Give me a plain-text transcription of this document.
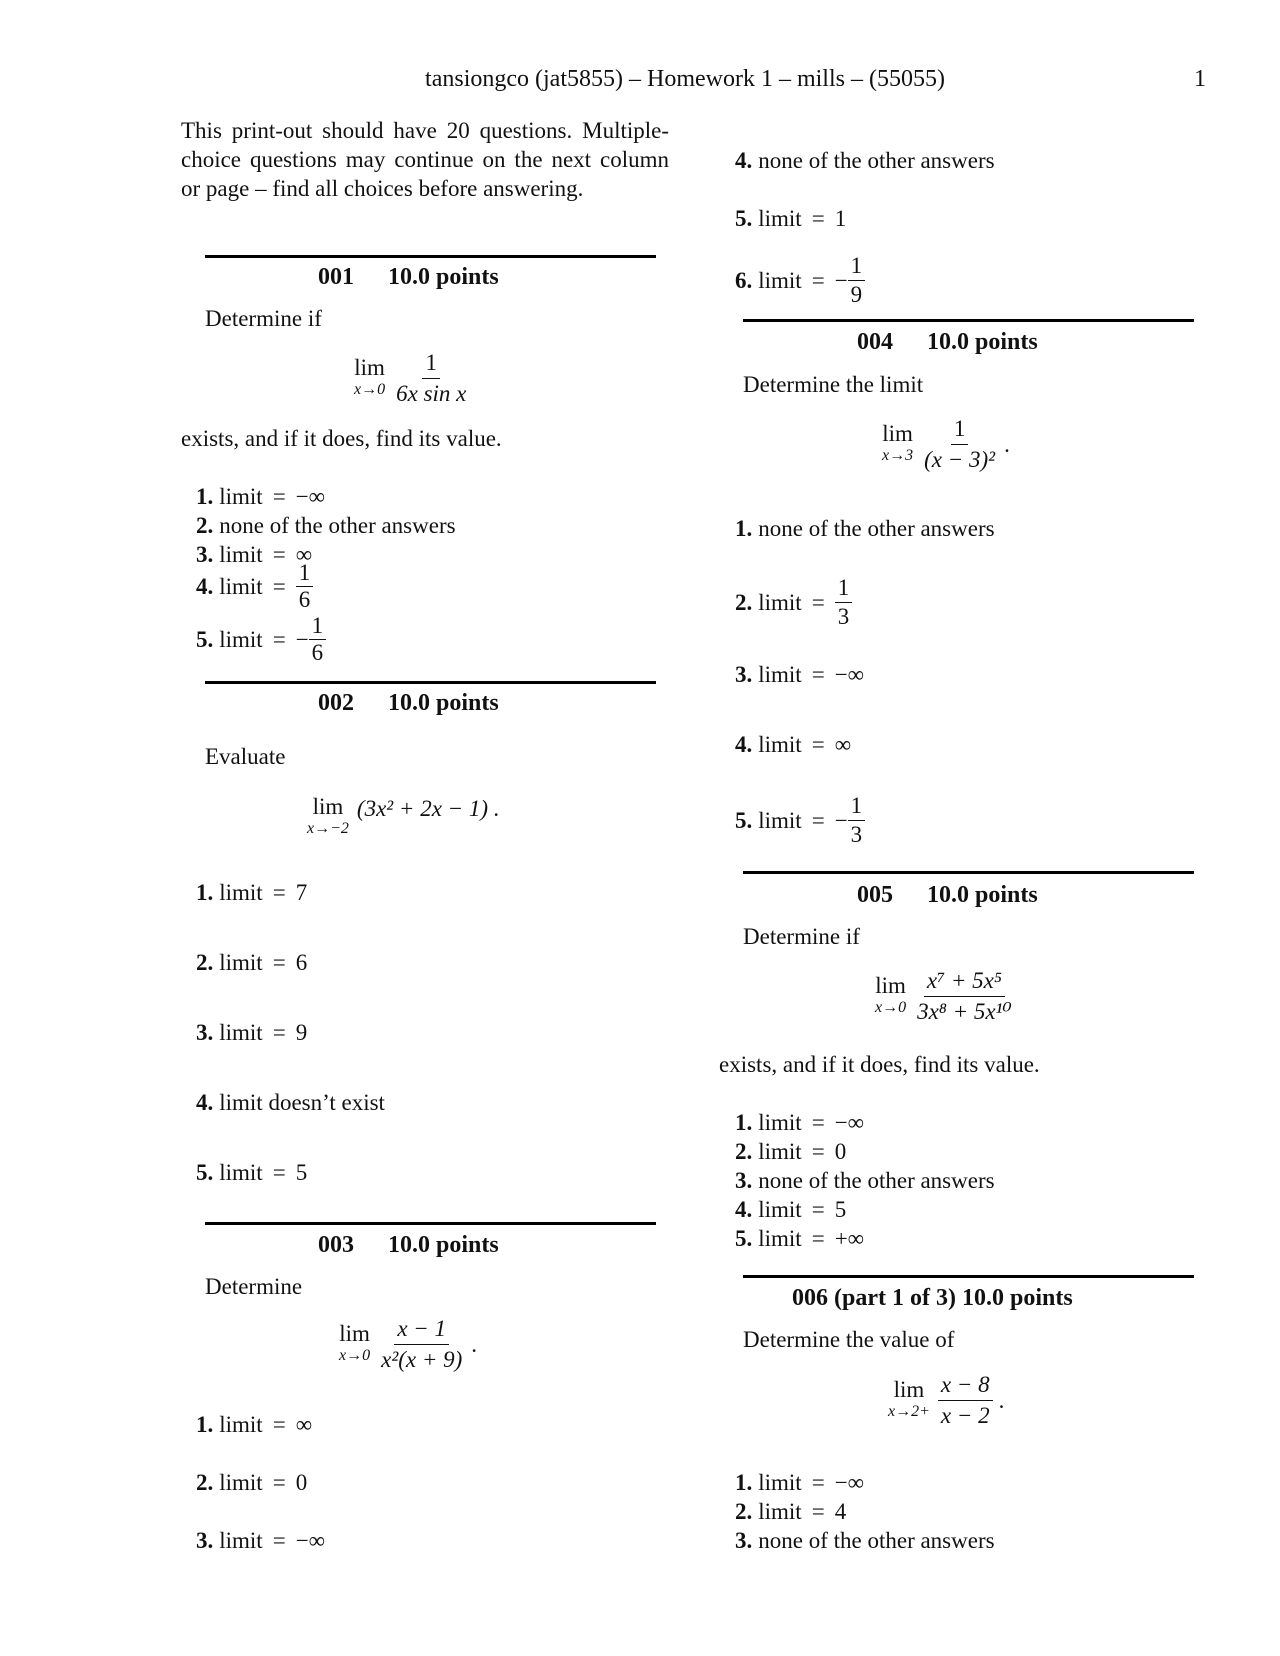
tansiongco (jat5855) – Homework 1 – mills – (55055)	1
This print-out should have 20 questions. Multiple-choice questions may continue on the next column or page – find all choices before answering.
001 10.0 points
Determine if
lim
$x\to 0 \frac{1}{\text{6x sin x}}$
exists, and if it does, find its value.
1. limit = −∞
2. none of the other answers
3. limit = ∞
4. limit = $\frac{1}{6}$
5. limit = − $\frac{1}{6}$
002 10.0 points
Evaluate
lim
x→−2
(3x² + 2x − 1) .
1. limit = 7
2. limit = 6
3. limit = 9
4. limit doesn’t exist
5. limit = 5
003 10.0 points
Determine
lim
$x\to 0 \frac{x - 1}{\text{x²(x + 9)}}$ .
1. limit = ∞
2. limit = 0
3. limit = −∞
4. none of the other answers
5. limit = 1
6. limit = − $\frac{1}{9}$
004 10.0 points
Determine the limit
lim
$x\to 3 \frac{1}{\text{(x − 3)²}}$ .
1. none of the other answers
2. limit = $\frac{1}{3}$
3. limit = −∞
4. limit = ∞
5. limit = − $\frac{1}{3}$
005 10.0 points
Determine if
lim
$x\to 0 \frac{\text{x⁷ + 5x⁵}}{\text{3x⁸ + 5x¹⁰}}$
exists, and if it does, find its value.
1. limit = −∞
2. limit = 0
3. none of the other answers
4. limit = 5
5. limit = +∞
006 (part 1 of 3) 10.0 points
Determine the value of
lim
$x\to 2+ \frac{x - 8}{x - 2}$ .
1. limit = −∞
2. limit = 4
3. none of the other answers
